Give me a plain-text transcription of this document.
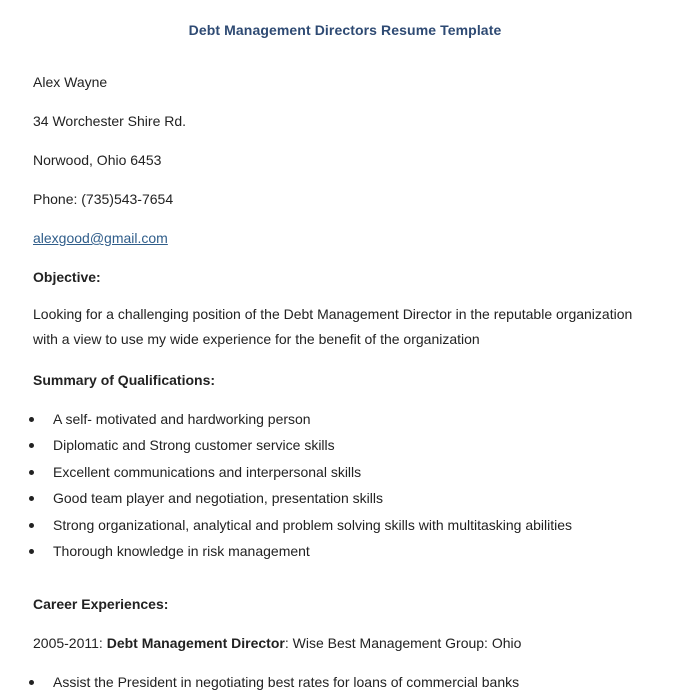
Debt Management Directors Resume Template
Alex Wayne
34 Worchester Shire Rd.
Norwood, Ohio 6453
Phone: (735)543-7654
alexgood@gmail.com
Objective:
Looking for a challenging position of the Debt Management Director in the reputable organization with a view to use my wide experience for the benefit of the organization
Summary of Qualifications:
A self- motivated and hardworking person
Diplomatic and Strong customer service skills
Excellent communications and interpersonal skills
Good team player and negotiation, presentation skills
Strong organizational, analytical and problem solving skills with multitasking abilities
Thorough knowledge in risk management
Career Experiences:
2005-2011: Debt Management Director: Wise Best Management Group: Ohio
Assist the President in negotiating best rates for loans of commercial banks
